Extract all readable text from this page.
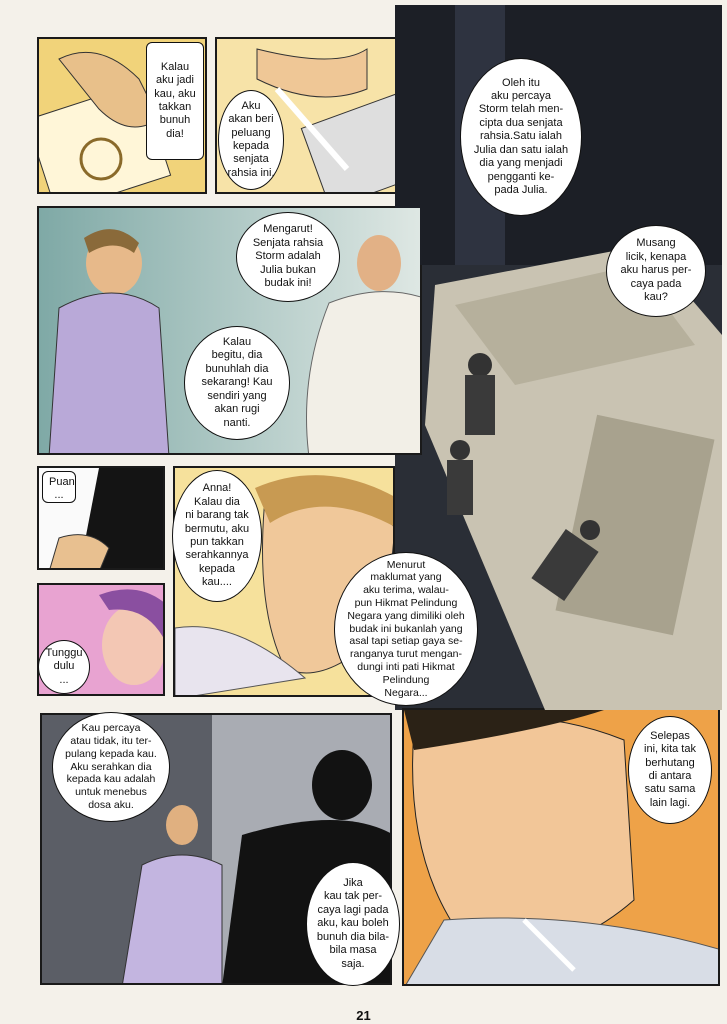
Kalau
aku jadi
kau, aku
takkan
bunuh
dia!
Aku
akan beri
peluang
kepada
senjata
rahsia ini.
Oleh itu
aku percaya
Storm telah men-
cipta dua senjata
rahsia.Satu ialah
Julia dan satu ialah
dia yang menjadi
pengganti ke-
pada Julia.
Musang
licik, kenapa
aku harus per-
caya pada
kau?
Mengarut!
Senjata rahsia
Storm adalah
Julia bukan
budak ini!
Kalau
begitu, dia
bunuhlah dia
sekarang! Kau
sendiri yang
akan rugi
nanti.
Puan
...
Tunggu
dulu
...
Anna!
Kalau dia
ni barang tak
bermutu, aku
pun takkan
serahkannya
kepada
kau....
Menurut
maklumat yang
aku terima, walau-
pun Hikmat Pelindung
Negara yang dimiliki oleh
budak ini bukanlah yang
asal tapi setiap gaya se-
ranganya turut mengan-
dungi inti pati Hikmat
Pelindung
Negara...
Kau percaya
atau tidak, itu ter-
pulang kepada kau.
Aku serahkan dia
kepada kau adalah
untuk menebus
dosa aku.
Jika
kau tak per-
caya lagi pada
aku, kau boleh
bunuh dia bila-
bila masa
saja.
Selepas
ini, kita tak
berhutang
di antara
satu sama
lain lagi.
21
